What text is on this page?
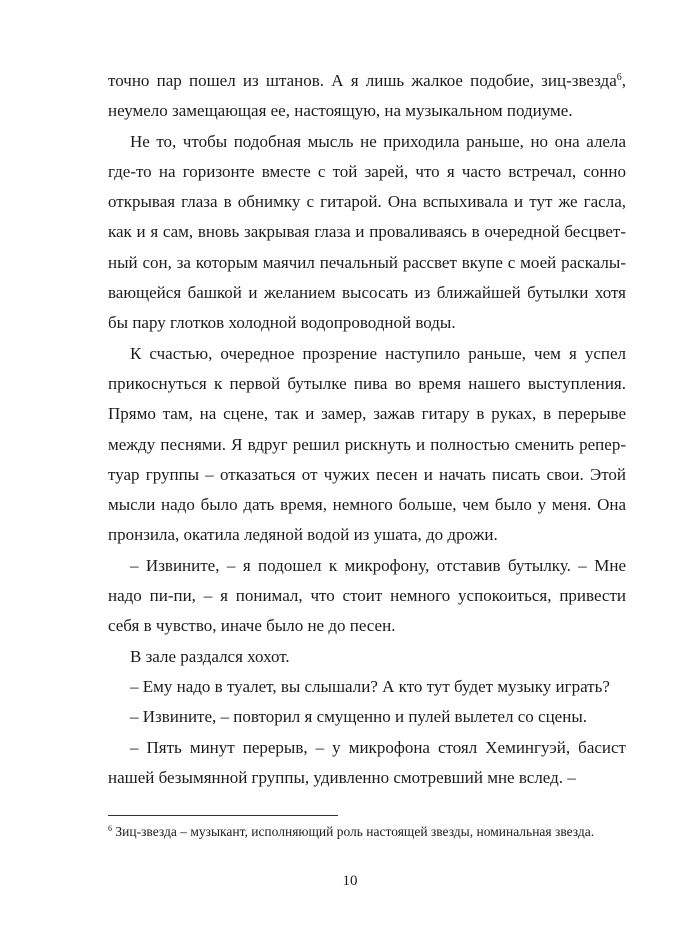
точно пар пошел из штанов. А я лишь жалкое подобие, зиц-звезда$^6$, неумело замещающая ее, настоящую, на музыкальном подиуме.

Не то, чтобы подобная мысль не приходила раньше, но она алела где-то на горизонте вместе с той зарей, что я часто встречал, сонно открывая глаза в обнимку с гитарой. Она вспыхивала и тут же гасла, как и я сам, вновь закрывая глаза и проваливаясь в очередной бесцветный сон, за которым маячил печальный рассвет вкупе с моей раскалывающейся башкой и желанием высосать из ближайшей бутылки хотя бы пару глотков холодной водопроводной воды.

К счастью, очередное прозрение наступило раньше, чем я успел прикоснуться к первой бутылке пива во время нашего выступления. Прямо там, на сцене, так и замер, зажав гитару в руках, в перерыве между песнями. Я вдруг решил рискнуть и полностью сменить репертуар группы – отказаться от чужих песен и начать писать свои. Этой мысли надо было дать время, немного больше, чем было у меня. Она пронзила, окатила ледяной водой из ушата, до дрожи.

– Извините, – я подошел к микрофону, отставив бутылку. – Мне надо пи-пи, – я понимал, что стоит немного успокоиться, привести себя в чувство, иначе было не до песен.

В зале раздался хохот.

– Ему надо в туалет, вы слышали? А кто тут будет музыку играть?

– Извините, – повторил я смущенно и пулей вылетел со сцены.

– Пять минут перерыв, – у микрофона стоял Хемингуэй, басист нашей безымянной группы, удивленно смотревший мне вслед. –

$^6$ Зиц-звезда – музыкант, исполняющий роль настоящей звезды, номинальная звезда.
10
